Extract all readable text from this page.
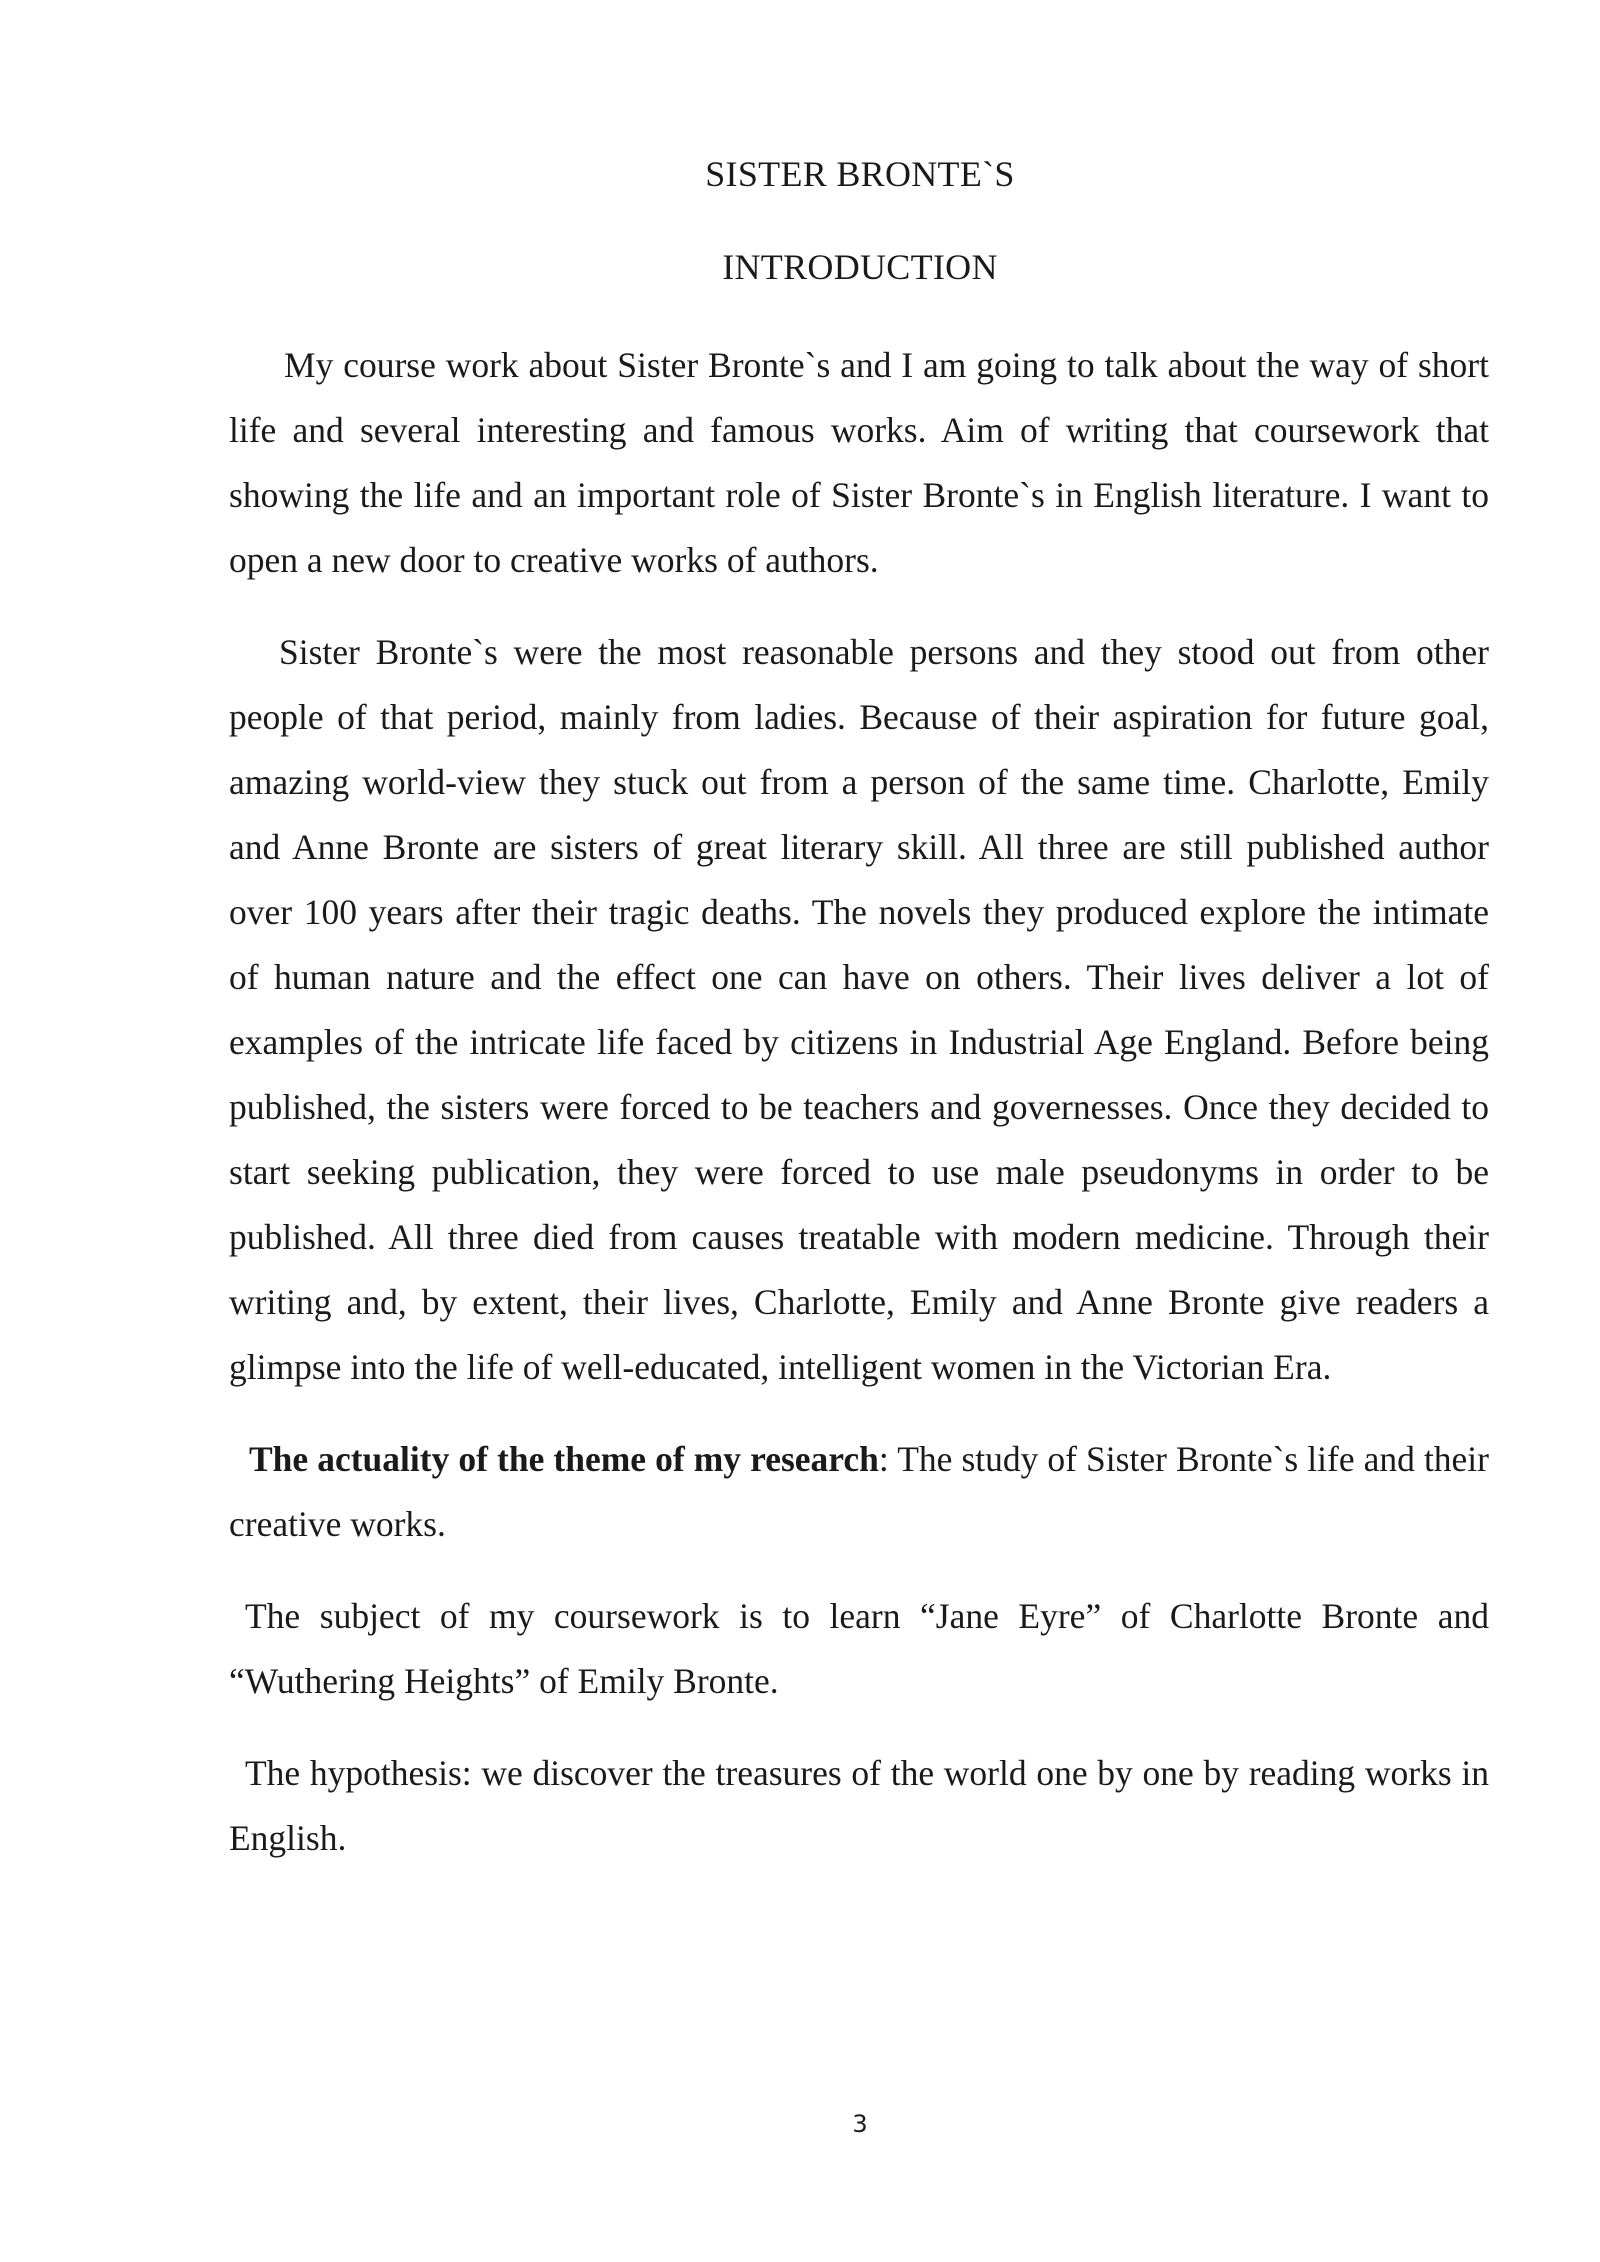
SISTER BRONTE`S
INTRODUCTION

My course work about Sister Bronte`s and I am going to talk about the way of short life and several interesting and famous works. Aim of writing that coursework that showing the life and an important role of Sister Bronte`s in English literature. I want to open a new door to creative works of authors.

Sister Bronte`s were the most reasonable persons and they stood out from other people of that period, mainly from ladies. Because of their aspiration for future goal, amazing world-view they stuck out from a person of the same time. Charlotte, Emily and Anne Bronte are sisters of great literary skill. All three are still published author over 100 years after their tragic deaths. The novels they produced explore the intimate of human nature and the effect one can have on others. Their lives deliver a lot of examples of the intricate life faced by citizens in Industrial Age England. Before being published, the sisters were forced to be teachers and governesses. Once they decided to start seeking publication, they were forced to use male pseudonyms in order to be published. All three died from causes treatable with modern medicine. Through their writing and, by extent, their lives, Charlotte, Emily and Anne Bronte give readers a glimpse into the life of well-educated, intelligent women in the Victorian Era.

The actuality of the theme of my research: The study of Sister Bronte`s life and their creative works.

The subject of my coursework is to learn “Jane Eyre” of Charlotte Bronte and “Wuthering Heights” of Emily Bronte.

The hypothesis: we discover the treasures of the world one by one by reading works in English.

3
